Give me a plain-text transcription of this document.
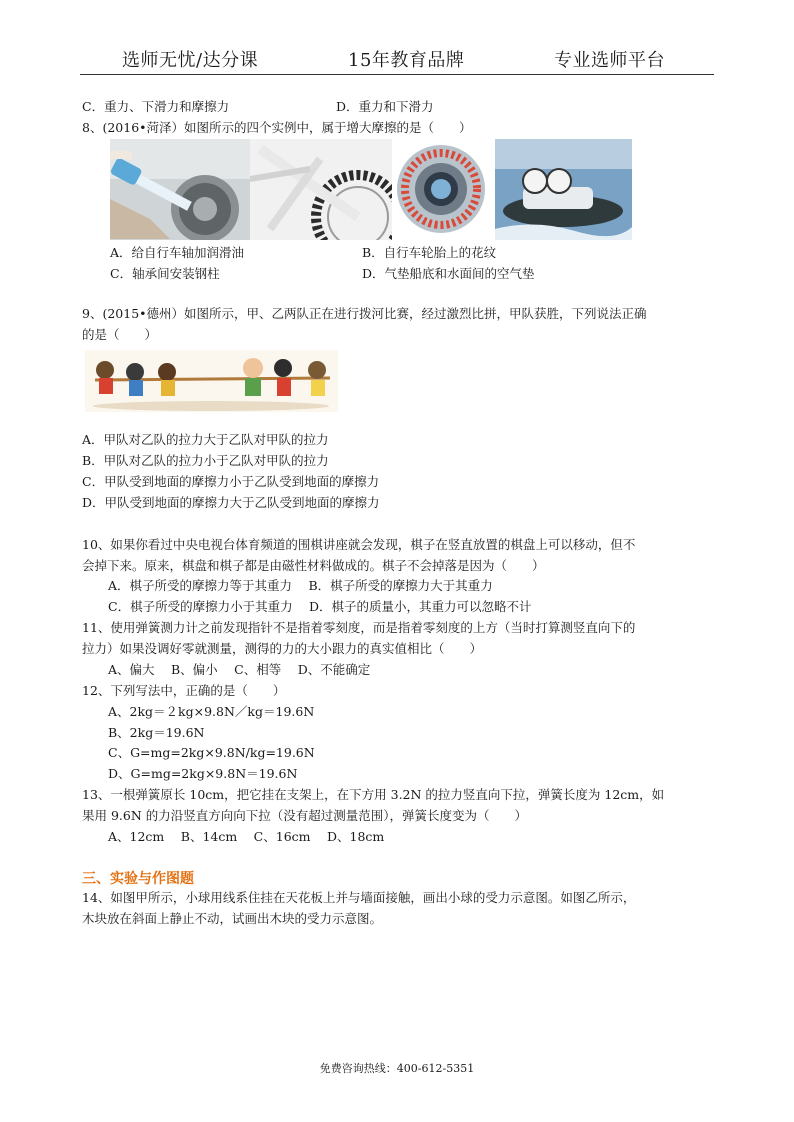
选师无忧/达分课	15年教育品牌	专业选师平台
C．重力、下滑力和摩擦力	D．重力和下滑力
8、(2016•菏泽）如图所示的四个实例中，属于增大摩擦的是（　　）
A．给自行车轴加润滑油	B．自行车轮胎上的花纹
C．轴承间安装钢柱	D．气垫船底和水面间的空气垫
9、(2015•德州）如图所示，甲、乙两队正在进行拨河比赛，经过激烈比拼，甲队获胜，下列说法正确
的是（　　）
A．甲队对乙队的拉力大于乙队对甲队的拉力
B．甲队对乙队的拉力小于乙队对甲队的拉力
C．甲队受到地面的摩擦力小于乙队受到地面的摩擦力
D．甲队受到地面的摩擦力大于乙队受到地面的摩擦力
10、如果你看过中央电视台体育频道的围棋讲座就会发现，棋子在竖直放置的棋盘上可以移动，但不
会掉下来。原来，棋盘和棋子都是由磁性材料做成的。棋子不会掉落是因为（　　）
A．棋子所受的摩擦力等于其重力　 B．棋子所受的摩擦力大于其重力
C．棋子所受的摩擦力小于其重力　 D．棋子的质量小，其重力可以忽略不计
11、使用弹簧测力计之前发现指针不是指着零刻度，而是指着零刻度的上方（当时打算测竖直向下的
拉力）如果没调好零就测量，测得的力的大小跟力的真实值相比（　　）
A、偏大　 B、偏小　 C、相等　 D、不能确定
12、下列写法中，正确的是（　　）
A、2kg＝２kg×9.8N／kg＝19.6N
B、2kg＝19.6N
C、G=mg=2kg×9.8N/kg=19.6N
D、G=mg=2kg×9.8N＝19.6N
13、一根弹簧原长 10cm，把它挂在支架上，在下方用 3.2N 的拉力竖直向下拉，弹簧长度为 12cm，如
果用 9.6N 的力沿竖直方向向下拉（没有超过测量范围），弹簧长度变为（　　）
A、12cm　 B、14cm　 C、16cm　 D、18cm
三、实验与作图题
14、如图甲所示，小球用线系住挂在天花板上并与墙面接触，画出小球的受力示意图。如图乙所示，
木块放在斜面上静止不动，试画出木块的受力示意图。
免费咨询热线：400-612-5351
